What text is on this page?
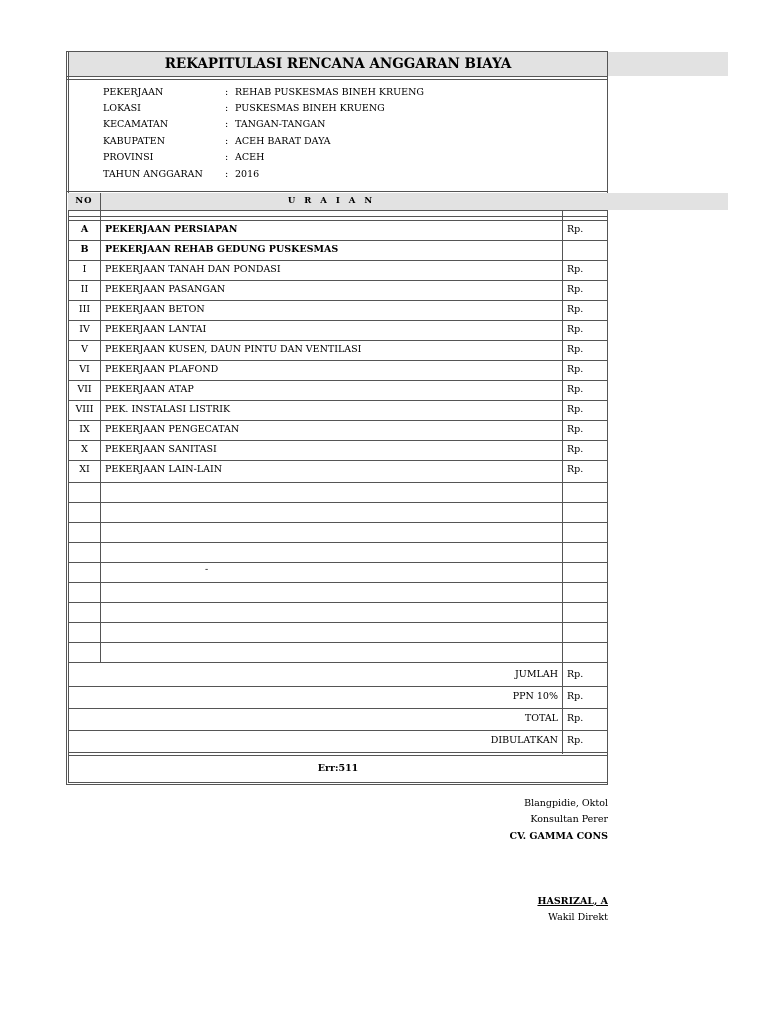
REKAPITULASI RENCANA ANGGARAN BIAYA
PEKERJAAN	: REHAB PUSKESMAS BINEH KRUENG
LOKASI	: PUSKESMAS BINEH KRUENG
KECAMATAN	: TANGAN-TANGAN
KABUPATEN	: ACEH BARAT DAYA
PROVINSI	: ACEH
TAHUN ANGGARAN : 2016
NO	U R A I A N
A	PEKERJAAN PERSIAPAN	Rp.
B	PEKERJAAN REHAB GEDUNG PUSKESMAS
I	PEKERJAAN TANAH DAN PONDASI	Rp.
II	PEKERJAAN PASANGAN	Rp.
III	PEKERJAAN BETON	Rp.
IV	PEKERJAAN LANTAI	Rp.
V	PEKERJAAN KUSEN, DAUN PINTU DAN VENTILASI	Rp.
VI	PEKERJAAN PLAFOND	Rp.
VII	PEKERJAAN ATAP	Rp.
VIII	PEK. INSTALASI LISTRIK	Rp.
IX	PEKERJAAN PENGECATAN	Rp.
X	PEKERJAAN SANITASI	Rp.
XI	PEKERJAAN LAIN-LAIN	Rp.
-
JUMLAH Rp.
PPN 10% Rp.
TOTAL Rp.
DIBULATKAN Rp.
Err:511
Blangpidie, Oktol
Konsultan Perer
CV. GAMMA CONS
HASRIZAL, A
Wakil Direkt
